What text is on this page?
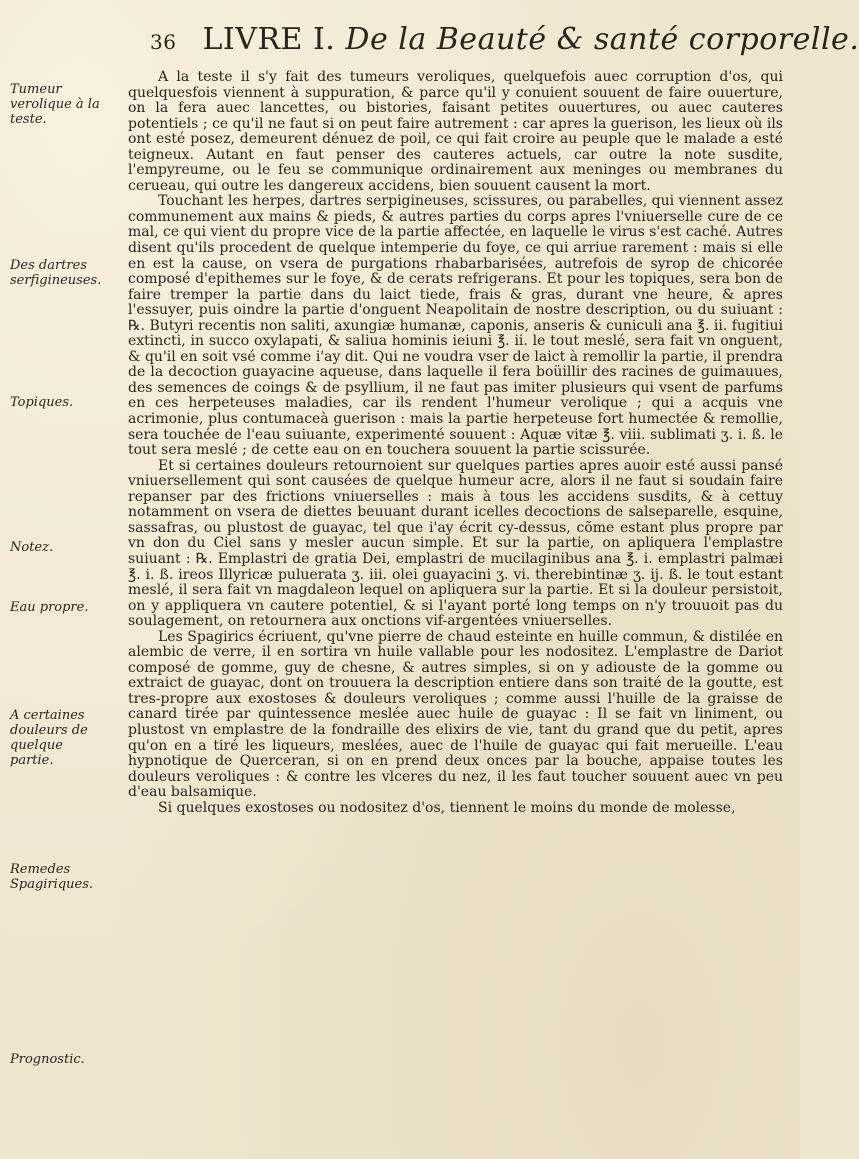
36 LIVRE I. De la Beauté & santé corporelle.
Tumeur verolique à la teste.
Des dartres serfigineuses.
Topiques.
Notez.
Eau propre.
A certaines douleurs de quelque partie.
Remedes Spagiriques.
Prognostic.

A la teste il s'y fait des tumeurs veroliques, quelquefois auec corruption d'os, qui quelquesfois viennent à suppuration, & parce qu'il y conuient souuent de faire ouuerture, on la fera auec lancettes, ou bistories, faisant petites ouuertures, ou auec cauteres potentiels ; ce qu'il ne faut si on peut faire autrement : car apres la guerison, les lieux où ils ont esté posez, demeurent dénuez de poil, ce qui fait croire au peuple que le malade a esté teigneux. Autant en faut penser des cauteres actuels, car outre la note susdite, l'empyreume, ou le feu se communique ordinairement aux meninges ou membranes du cerueau, qui outre les dangereux accidens, bien souuent causent la mort.

Touchant les herpes, dartres serpigineuses, scissures, ou parabelles, qui viennent assez communement aux mains & pieds, & autres parties du corps apres l'vniuerselle cure de ce mal, ce qui vient du propre vice de la partie affectée, en laquelle le virus s'est caché. Autres disent qu'ils procedent de quelque intemperie du foye, ce qui arriue rarement : mais si elle en est la cause, on vsera de purgations rhabarbarisées, autrefois de syrop de chicorée composé d'epithemes sur le foye, & de cerats refrigerans. Et pour les topiques, sera bon de faire tremper la partie dans du laict tiede, frais & gras, durant vne heure, & apres l'essuyer, puis oindre la partie d'onguent Neapolitain de nostre description, ou du suiuant : ℞. Butyri recentis non saliti, axungiæ humanæ, caponis, anseris & cuniculi ana ℥. ii. fugitiui extincti, in succo oxylapati, & saliua hominis ieiuni ℥. ii. le tout meslé, sera fait vn onguent, & qu'il en soit vsé comme i'ay dit. Qui ne voudra vser de laict à remollir la partie, il prendra de la decoction guayacine aqueuse, dans laquelle il fera boüillir des racines de guimauues, des semences de coings & de psyllium, il ne faut pas imiter plusieurs qui vsent de parfums en ces herpeteuses maladies, car ils rendent l'humeur verolique ; qui a acquis vne acrimonie, plus contumaceà guerison : mais la partie herpeteuse fort humectée & remollie, sera touchée de l'eau suiuante, experimenté souuent : Aquæ vitæ ℥. viii. sublimati ʒ. i. ß. le tout sera meslé ; de cette eau on en touchera souuent la partie scissurée.

Et si certaines douleurs retournoient sur quelques parties apres auoir esté aussi pansé vniuersellement qui sont causées de quelque humeur acre, alors il ne faut si soudain faire repanser par des frictions vniuerselles : mais à tous les accidens susdits, & à cettuy notamment on vsera de diettes beuuant durant icelles decoctions de salseparelle, esquine, sassafras, ou plustost de guayac, tel que i'ay écrit cy-dessus, cõme estant plus propre par vn don du Ciel sans y mesler aucun simple. Et sur la partie, on apliquera l'emplastre suiuant : ℞. Emplastri de gratia Dei, emplastri de mucilaginibus ana ℥. i. emplastri palmæi ℥. i. ß. ireos Illyricæ puluerata ʒ. iii. olei guayacini ʒ. vi. therebintinæ ʒ. ij. ß. le tout estant meslé, il sera fait vn magdaleon lequel on apliquera sur la partie. Et si la douleur persistoit, on y appliquera vn cautere potentiel, & si l'ayant porté long temps on n'y trouuoit pas du soulagement, on retournera aux onctions vif-argentées vniuerselles.

Les Spagirics écriuent, qu'vne pierre de chaud esteinte en huille commun, & distilée en alembic de verre, il en sortira vn huile vallable pour les nodositez. L'emplastre de Dariot composé de gomme, guy de chesne, & autres simples, si on y adiouste de la gomme ou extraict de guayac, dont on trouuera la description entiere dans son traité de la goutte, est tres-propre aux exostoses & douleurs veroliques ; comme aussi l'huille de la graisse de canard tirée par quintessence meslée auec huile de guayac : Il se fait vn liniment, ou plustost vn emplastre de la fondraille des elixirs de vie, tant du grand que du petit, apres qu'on en a tiré les liqueurs, meslées, auec de l'huile de guayac qui fait merueille. L'eau hypnotique de Querceran, si on en prend deux onces par la bouche, appaise toutes les douleurs veroliques : & contre les vlceres du nez, il les faut toucher souuent auec vn peu d'eau balsamique.

Si quelques exostoses ou nodositez d'os, tiennent le moins du monde de molesse,
